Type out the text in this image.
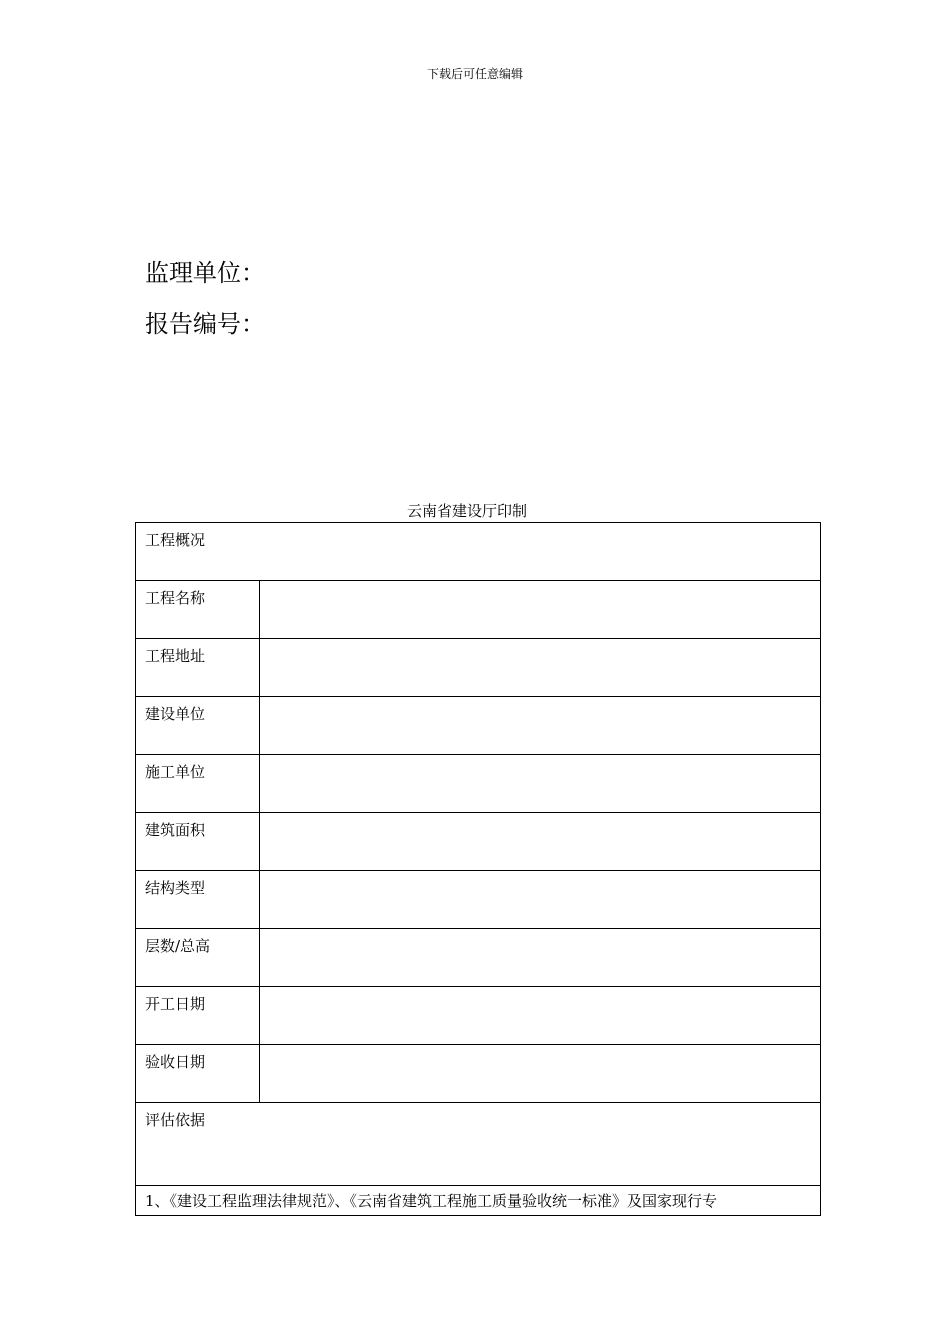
下载后可任意编辑
监理单位：
报告编号：
云南省建设厅印制
工程概况	
工程名称	
工程地址	
建设单位	
施工单位	
建筑面积	
结构类型	
层数/总高	
开工日期	
验收日期	
评估依据	
1、《建设工程监理法律规范》、《云南省建筑工程施工质量验收统一标准》及国家现行专	
